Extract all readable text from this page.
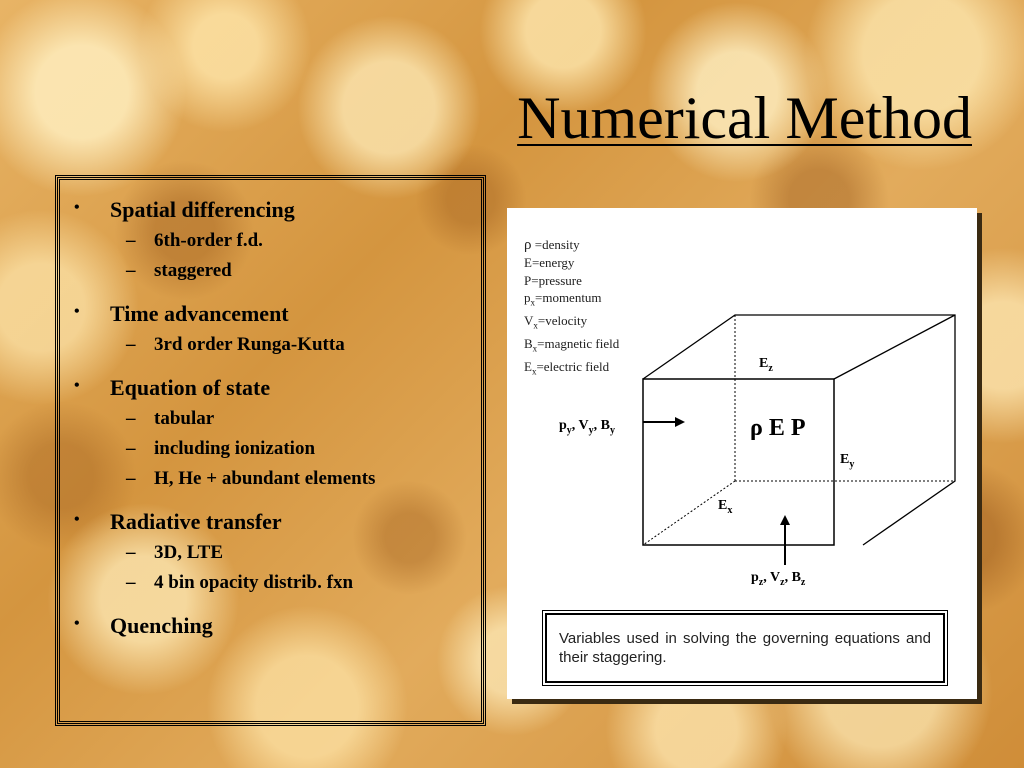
Numerical Method
• Spatial differencing
– 6th-order f.d.
– staggered
• Time advancement
– 3rd order Runga-Kutta
• Equation of state
– tabular
– including ionization
– H, He + abundant elements
• Radiative transfer
– 3D, LTE
– 4 bin opacity distrib. fxn
• Quenching
ρ =density
E=energy
P=pressure
$p_x=momentum$
$V_x=velocity$
$B_x=magnetic$ field
$E_x=electric$ field
ρ E P
$E_z$
$E_y$
$E_x$
$p_y$, $V_y$, $B_y$
$p_z$, $V_z$, $B_z$
Variables used in solving the governing equations and their staggering.
